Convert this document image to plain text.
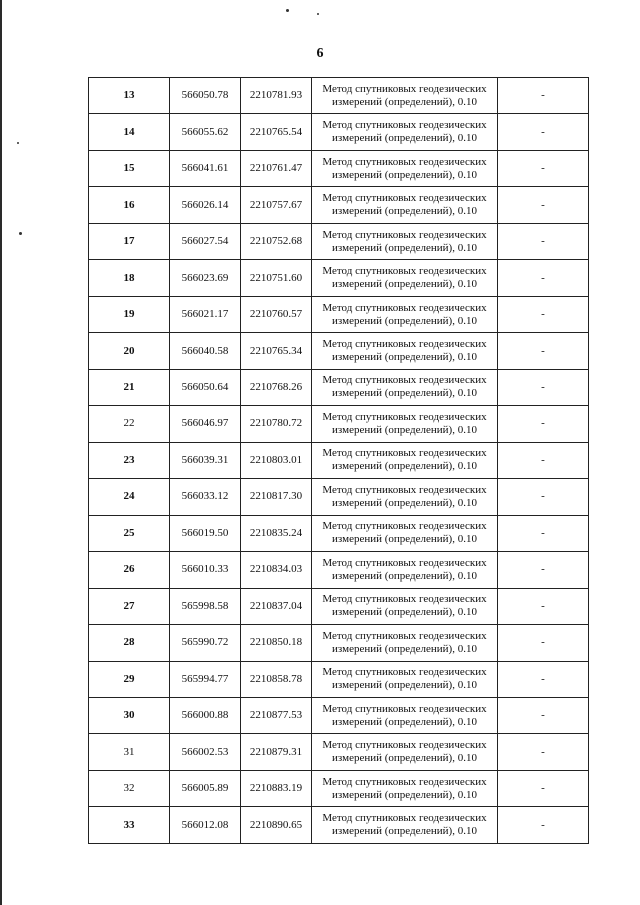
6
13	566050.78	2210781.93	Метод спутниковых геодезических
измерений (определений), 0.10	-
14	566055.62	2210765.54	Метод спутниковых геодезических
измерений (определений), 0.10	-
15	566041.61	2210761.47	Метод спутниковых геодезических
измерений (определений), 0.10	-
16	566026.14	2210757.67	Метод спутниковых геодезических
измерений (определений), 0.10	-
17	566027.54	2210752.68	Метод спутниковых геодезических
измерений (определений), 0.10	-
18	566023.69	2210751.60	Метод спутниковых геодезических
измерений (определений), 0.10	-
19	566021.17	2210760.57	Метод спутниковых геодезических
измерений (определений), 0.10	-
20	566040.58	2210765.34	Метод спутниковых геодезических
измерений (определений), 0.10	-
21	566050.64	2210768.26	Метод спутниковых геодезических
измерений (определений), 0.10	-
22	566046.97	2210780.72	Метод спутниковых геодезических
измерений (определений), 0.10	-
23	566039.31	2210803.01	Метод спутниковых геодезических
измерений (определений), 0.10	-
24	566033.12	2210817.30	Метод спутниковых геодезических
измерений (определений), 0.10	-
25	566019.50	2210835.24	Метод спутниковых геодезических
измерений (определений), 0.10	-
26	566010.33	2210834.03	Метод спутниковых геодезических
измерений (определений), 0.10	-
27	565998.58	2210837.04	Метод спутниковых геодезических
измерений (определений), 0.10	-
28	565990.72	2210850.18	Метод спутниковых геодезических
измерений (определений), 0.10	-
29	565994.77	2210858.78	Метод спутниковых геодезических
измерений (определений), 0.10	-
30	566000.88	2210877.53	Метод спутниковых геодезических
измерений (определений), 0.10	-
31	566002.53	2210879.31	Метод спутниковых геодезических
измерений (определений), 0.10	-
32	566005.89	2210883.19	Метод спутниковых геодезических
измерений (определений), 0.10	-
33	566012.08	2210890.65	Метод спутниковых геодезических
измерений (определений), 0.10	-
